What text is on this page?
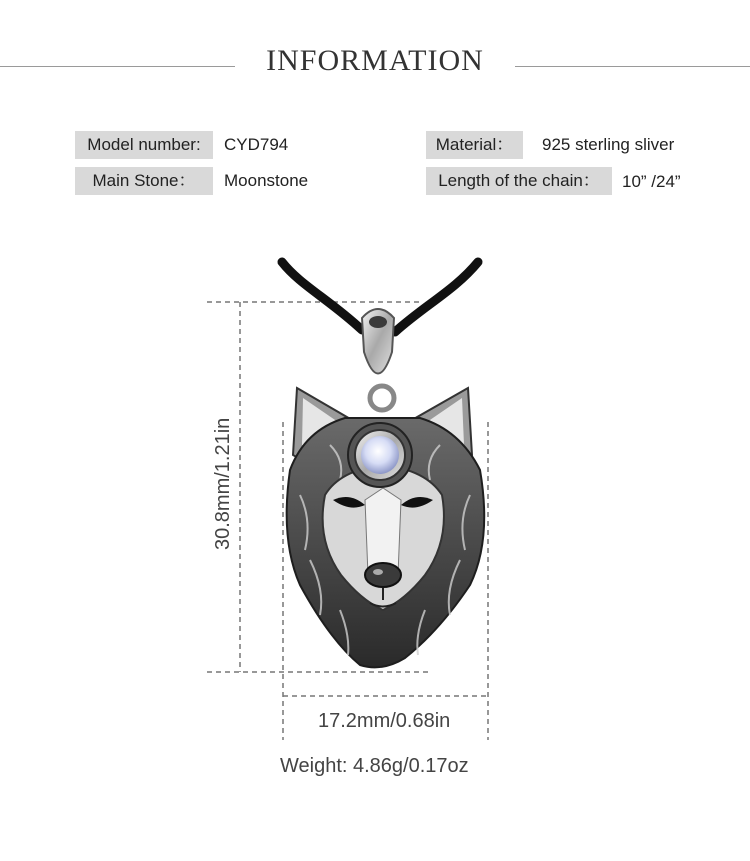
INFORMATION
Model number:	CYD794
Main Stone：	Moonstone
Material：	925 sterling sliver
Length of the chain：	10” /24”
30.8mm/1.21in
17.2mm/0.68in
Weight: 4.86g/0.17oz
